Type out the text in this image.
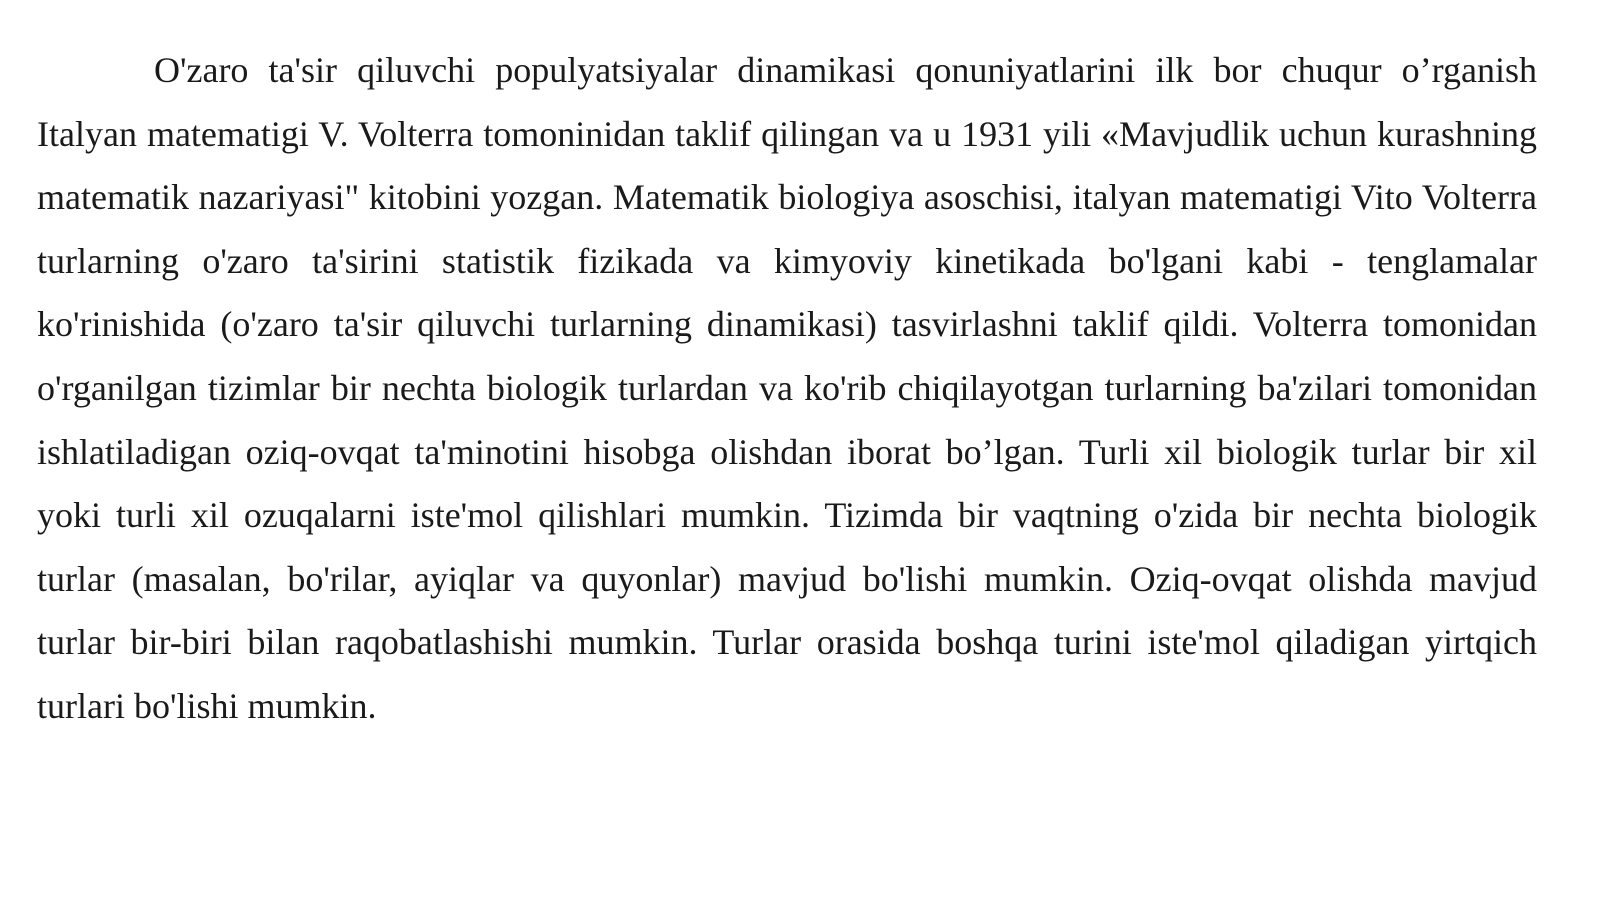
O'zaro ta'sir qiluvchi populyatsiyalar dinamikasi qonuniyatlarini ilk bor chuqur o’rganish Italyan matematigi V. Volterra tomoninidan taklif qilingan va u 1931 yili «Mavjudlik uchun kurashning matematik nazariyasi" kitobini yozgan. Matematik biologiya asoschisi, italyan matematigi Vito Volterra turlarning o'zaro ta'sirini statistik fizikada va kimyoviy kinetikada bo'lgani kabi - tenglamalar ko'rinishida (o'zaro ta'sir qiluvchi turlarning dinamikasi) tasvirlashni taklif qildi. Volterra tomonidan o'rganilgan tizimlar bir nechta biologik turlardan va ko'rib chiqilayotgan turlarning ba'zilari tomonidan ishlatiladigan oziq-ovqat ta'minotini hisobga olishdan iborat bo’lgan. Turli xil biologik turlar bir xil yoki turli xil ozuqalarni iste'mol qilishlari mumkin. Tizimda bir vaqtning o'zida bir nechta biologik turlar (masalan, bo'rilar, ayiqlar va quyonlar) mavjud bo'lishi mumkin. Oziq-ovqat olishda mavjud turlar bir-biri bilan raqobatlashishi mumkin. Turlar orasida boshqa turini iste'mol qiladigan yirtqich turlari bo'lishi mumkin.
